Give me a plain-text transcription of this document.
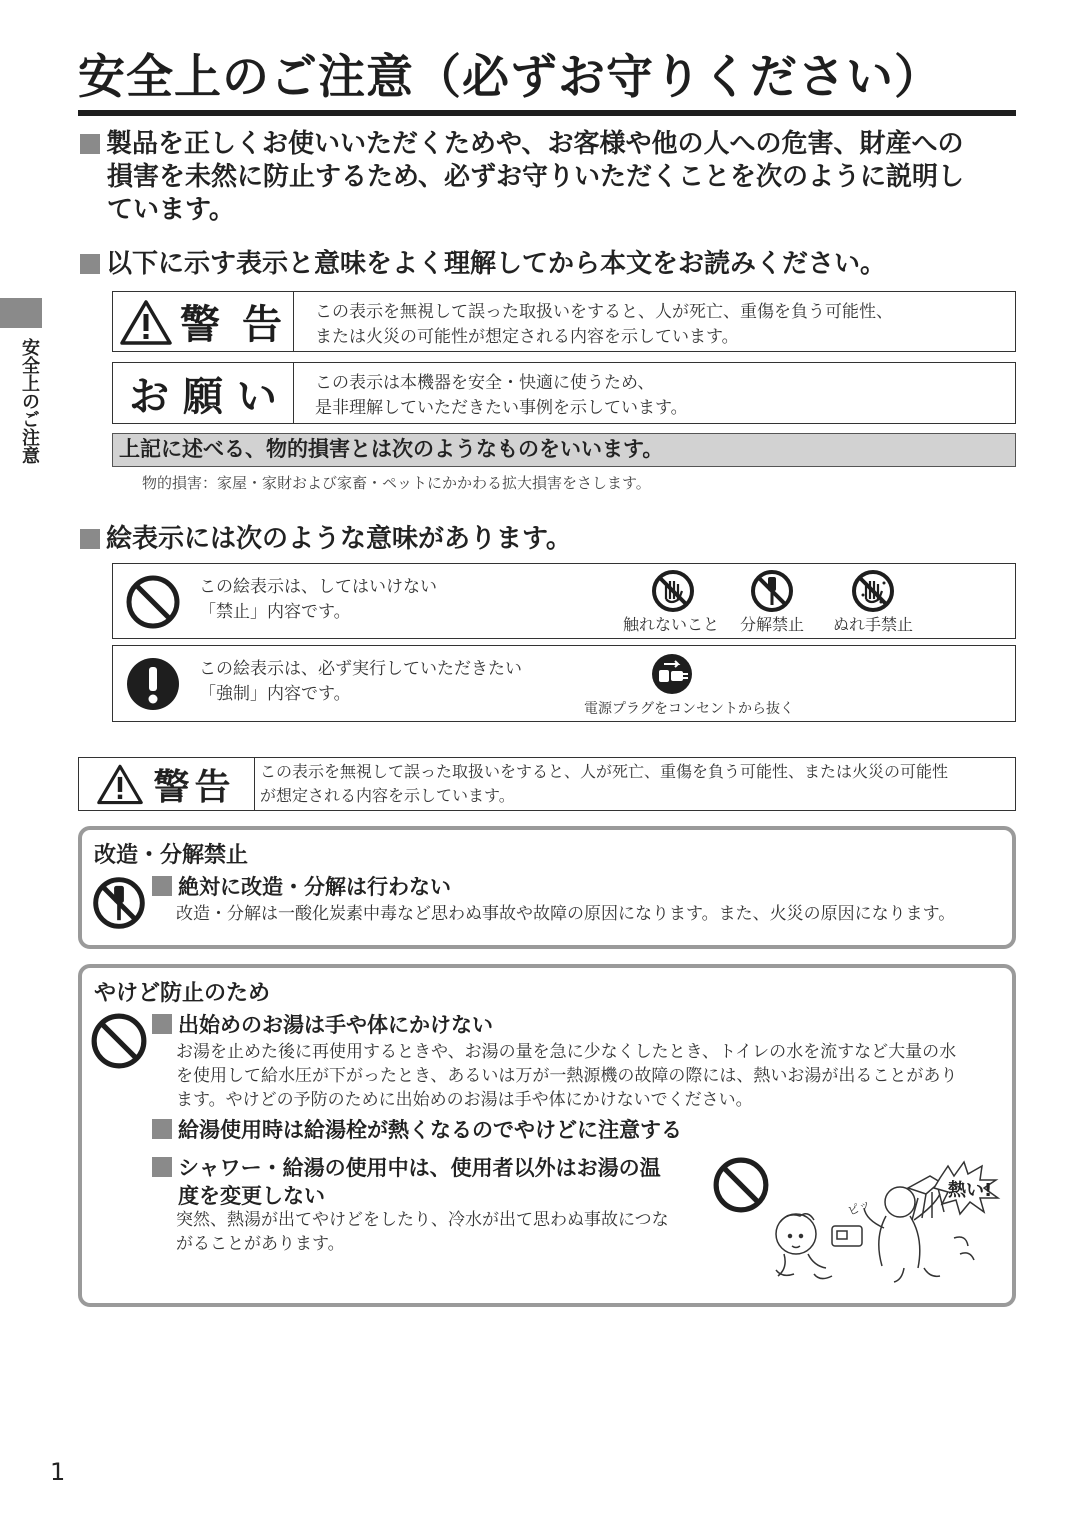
安全上のご注意（必ずお守りください）
安全上のご注意
製品を正しくお使いいただくためや、お客様や他の人への危害、財産への
損害を未然に防止するため、必ずお守りいただくことを次のように説明し
ています。
以下に示す表示と意味をよく理解してから本文をお読みください。
警 告 この表示を無視して誤った取扱いをすると、人が死亡、重傷を負う可能性、
または火災の可能性が想定される内容を示しています。
お 願 い この表示は本機器を安全・快適に使うため、
是非理解していただきたい事例を示しています。
上記に述べる、物的損害とは次のようなものをいいます。
物的損害：家屋・家財および家畜・ペットにかかわる拡大損害をさします。
絵表示には次のような意味があります。
この絵表示は、してはいけない
「禁止」内容です。
触れないこと 分解禁止 ぬれ手禁止
この絵表示は、必ず実行していただきたい
「強制」内容です。
電源プラグをコンセントから抜く
警告 この表示を無視して誤った取扱いをすると、人が死亡、重傷を負う可能性、または火災の可能性
が想定される内容を示しています。
改造・分解禁止
絶対に改造・分解は行わない
改造・分解は一酸化炭素中毒など思わぬ事故や故障の原因になります。また、火災の原因になります。
やけど防止のため
出始めのお湯は手や体にかけない
お湯を止めた後に再使用するときや、お湯の量を急に少なくしたとき、トイレの水を流すなど大量の水
を使用して給水圧が下がったとき、あるいは万が一熱源機の故障の際には、熱いお湯が出ることがあり
ます。やけどの予防のために出始めのお湯は手や体にかけないでください。
給湯使用時は給湯栓が熱くなるのでやけどに注意する
シャワー・給湯の使用中は、使用者以外はお湯の温
度を変更しない
突然、熱湯が出てやけどをしたり、冷水が出て思わぬ事故につな
がることがあります。
ピッ
熱い!
1
